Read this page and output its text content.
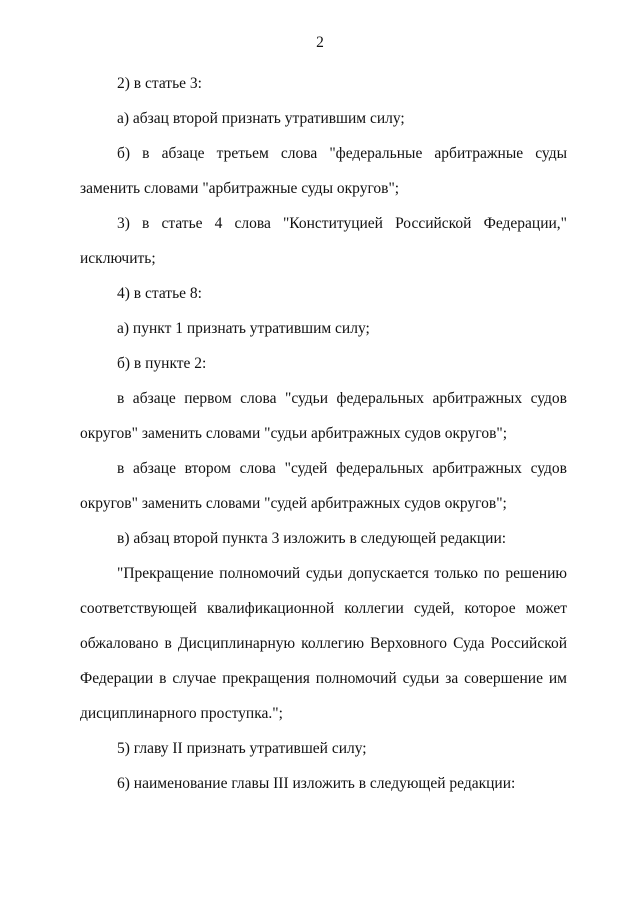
2
2) в статье 3:
а) абзац второй признать утратившим силу;
б) в абзаце третьем слова "федеральные арбитражные суды
заменить словами "арбитражные суды округов";
3) в статье 4 слова "Конституцией Российской Федерации,"
исключить;
4) в статье 8:
а) пункт 1 признать утратившим силу;
б) в пункте 2:
в абзаце первом слова "судьи федеральных арбитражных судов
округов" заменить словами "судьи арбитражных судов округов";
в абзаце втором слова "судей федеральных арбитражных судов
округов" заменить словами "судей арбитражных судов округов";
в) абзац второй пункта 3 изложить в следующей редакции:
"Прекращение полномочий судьи допускается только по решению
соответствующей квалификационной коллегии судей, которое может
обжаловано в Дисциплинарную коллегию Верховного Суда Российской
Федерации в случае прекращения полномочий судьи за совершение им
дисциплинарного проступка.";
5) главу II признать утратившей силу;
6) наименование главы III изложить в следующей редакции:
